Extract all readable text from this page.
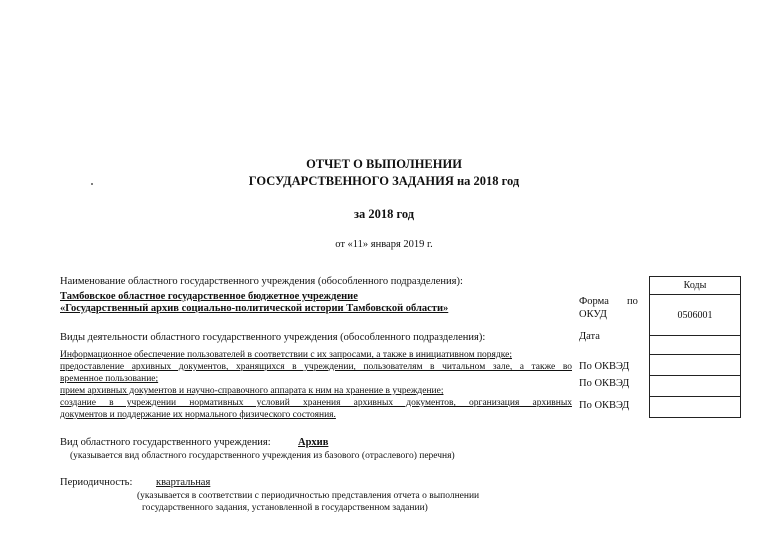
ОТЧЕТ О ВЫПОЛНЕНИИ
ГОСУДАРСТВЕННОГО ЗАДАНИЯ на 2018 год
за 2018 год
от «11» января 2019 г.
Наименование областного государственного учреждения (обособленного подразделения):
Тамбовское областное государственное бюджетное учреждение
«Государственный архив социально-политической истории Тамбовской области»
Виды деятельности областного государственного учреждения (обособленного подразделения):
Информационное обеспечение пользователей в соответствии с их запросами, а также в инициативном порядке;
предоставление архивных документов, хранящихся в учреждении, пользователям в читальном зале, а также во
временное пользование;
прием архивных документов и научно-справочного аппарата к ним на хранение в учреждение;
создание в учреждении нормативных условий хранения архивных документов, организация архивных
документов и поддержание их нормального физического состояния.
Форма по
ОКУД
Дата
По ОКВЭД
По ОКВЭД
По ОКВЭД
Коды
0506001
Вид областного государственного учреждения:	Архив
(указывается вид областного государственного учреждения из базового (отраслевого) перечня)
Периодичность:	квартальная
(указывается в соответствии с периодичностью представления отчета о выполнении
государственного задания, установленной в государственном задании)
